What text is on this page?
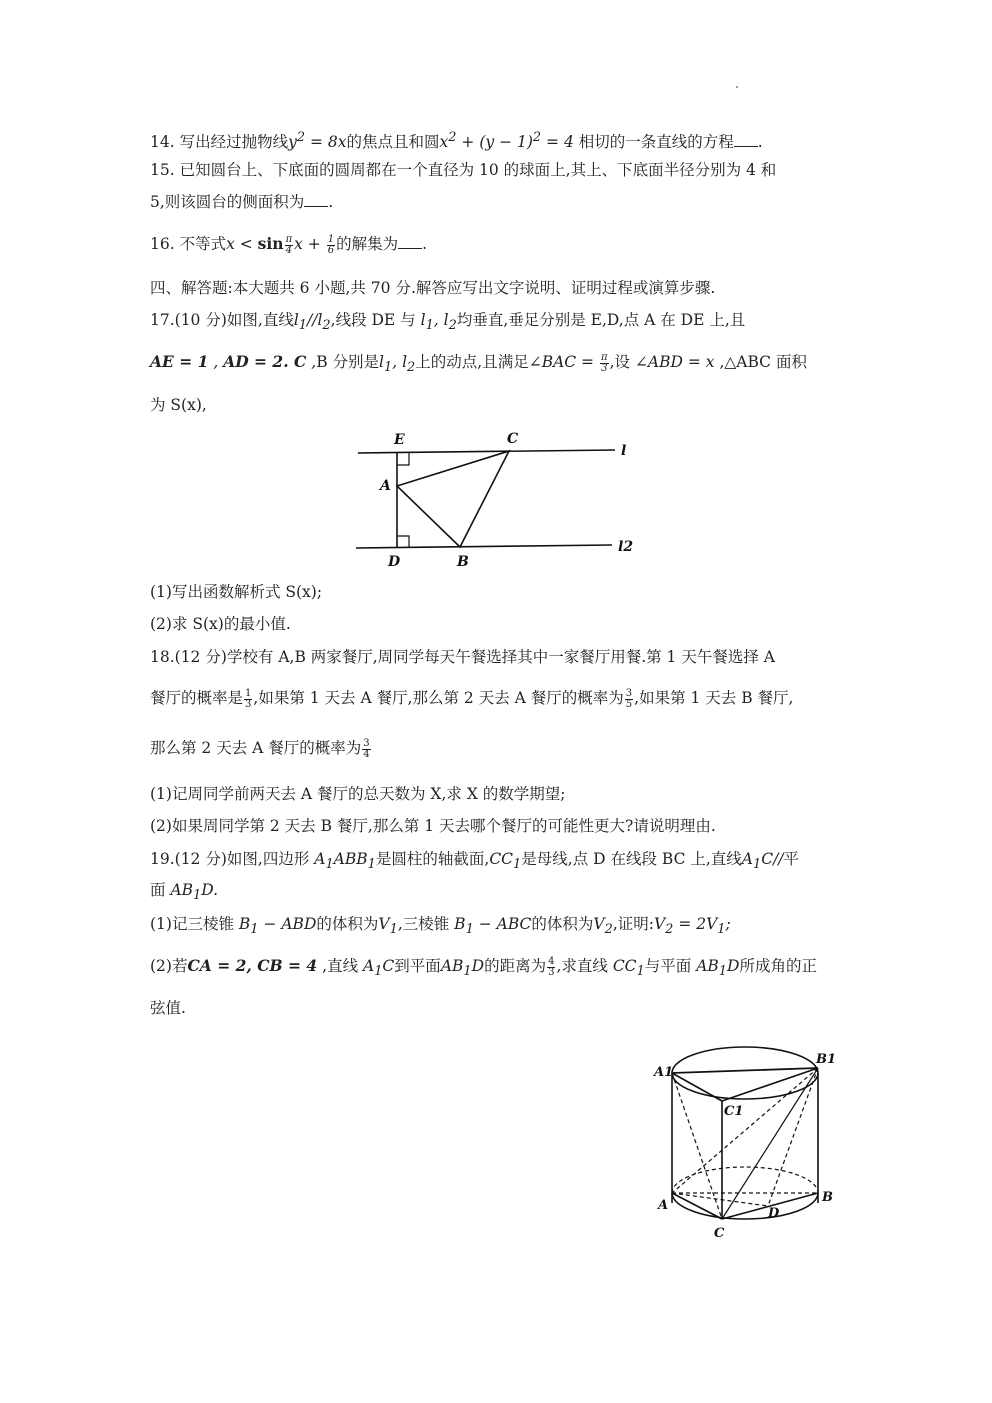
14. 写出经过抛物线$y^2 = 8x$的焦点且和圆$x^2 + (y - 1)^2 = 4$ 相切的一条直线的方程 .
15. 已知圆台上、下底面的圆周都在一个直径为 10 的球面上,其上、下底面半径分别为 4 和
5,则该圆台的侧面积为 .
16. 不等式$x < \sin \frac{\pi}{4}$ $x + \frac{1}{6}$ 的解集为 .
四、解答题:本大题共 6 小题,共 70 分.解答应写出文字说明、证明过程或演算步骤.
17.(10 分)如图,直线$l_1//l_2$,线段 DE 与 $l_1$, $l_2$均垂直,垂足分别是 E,D,点 A 在 DE 上,且
AE = 1 , AD = 2. C ,B 分别是$l_1$, $l_2$上的动点,且满足∠BAC = $\frac{\pi}{3}$ ,设 ∠ABD = x ,△ABC 面积
为 S(x),
E	C
A
D	B
l
l2
(1)写出函数解析式 S(x);
(2)求 S(x)的最小值.
18.(12 分)学校有 A,B 两家餐厅,周同学每天午餐选择其中一家餐厅用餐.第 1 天午餐选择 A
餐厅的概率是 $\frac{1}{3}$ ,如果第 1 天去 A 餐厅,那么第 2 天去 A 餐厅的概率为 $\frac{3}{5}$ ,如果第 1 天去 B 餐厅,
那么第 2 天去 A 餐厅的概率为 $\frac{3}{4}$
(1)记周同学前两天去 A 餐厅的总天数为 X,求 X 的数学期望;
(2)如果周同学第 2 天去 B 餐厅,那么第 1 天去哪个餐厅的可能性更大?请说明理由.
19.(12 分)如图,四边形 $A_1ABB_1$是圆柱的轴截面$,CC_1$是母线,点 D 在线段 BC 上,直线$A_1C//$平
面 $AB_1D$.
(1)记三棱锥 $B_1$ − ABD的体积为$V_1$,三棱锥 $B_1$ − ABC的体积为$V_2$,证明$:V_2 = 2V_1$;
(2)若CA = 2, CB = 4 ,直线 $A_1C$到平面$AB_1D$的距离为 $\frac{4}{3}$ ,求直线 $CC_1$与平面 $AB_1D$所成角的正
弦值.
A1
B1
C1
A
B
C
D
